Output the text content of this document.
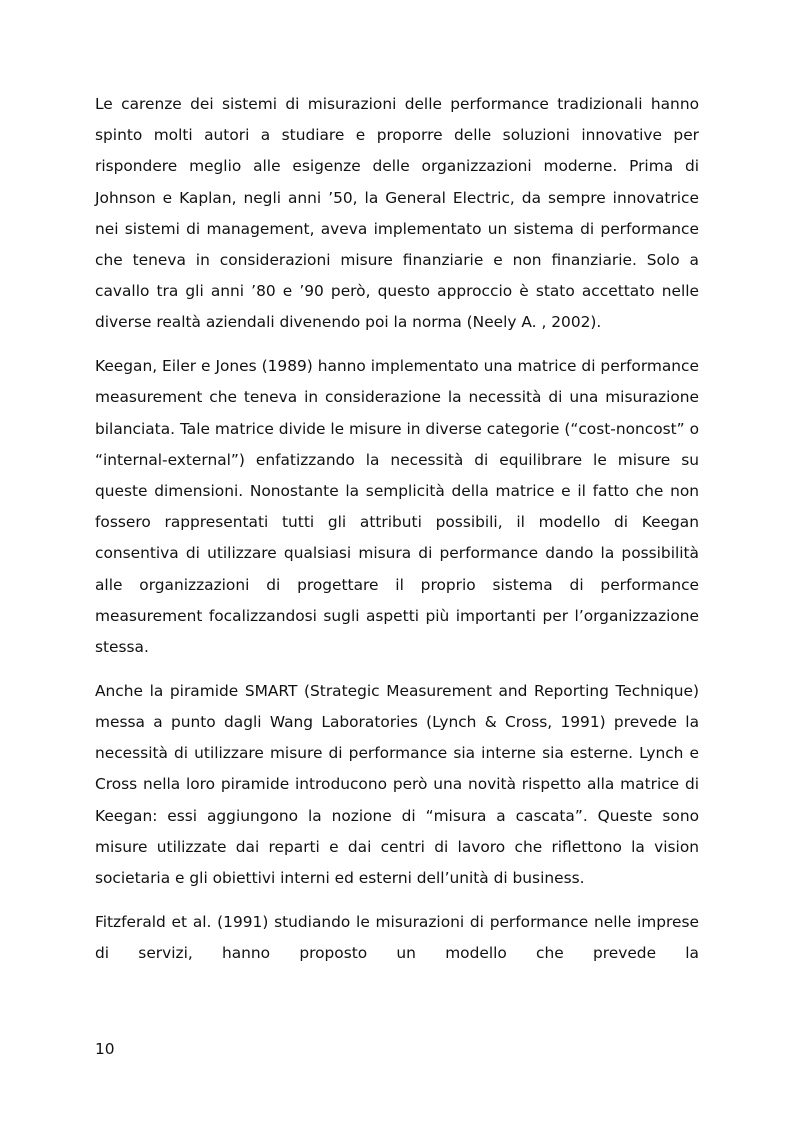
Le carenze dei sistemi di misurazioni delle performance tradizionali hanno spinto molti autori a studiare e proporre delle soluzioni innovative per rispondere meglio alle esigenze delle organizzazioni moderne. Prima di Johnson e Kaplan, negli anni ’50, la General Electric, da sempre innovatrice nei sistemi di management, aveva implementato un sistema di performance che teneva in considerazioni misure finanziarie e non finanziarie. Solo a cavallo tra gli anni ’80 e ’90 però, questo approccio è stato accettato nelle diverse realtà aziendali divenendo poi la norma (Neely A. , 2002).

Keegan, Eiler e Jones (1989) hanno implementato una matrice di performance measurement che teneva in considerazione la necessità di una misurazione bilanciata. Tale matrice divide le misure in diverse categorie (“cost-noncost” o “internal-external”) enfatizzando la necessità di equilibrare le misure su queste dimensioni. Nonostante la semplicità della matrice e il fatto che non fossero rappresentati tutti gli attributi possibili, il modello di Keegan consentiva di utilizzare qualsiasi misura di performance dando la possibilità alle organizzazioni di progettare il proprio sistema di performance measurement focalizzandosi sugli aspetti più importanti per l’organizzazione stessa.

Anche la piramide SMART (Strategic Measurement and Reporting Technique) messa a punto dagli Wang Laboratories (Lynch & Cross, 1991) prevede la necessità di utilizzare misure di performance sia interne sia esterne. Lynch e Cross nella loro piramide introducono però una novità rispetto alla matrice di Keegan: essi aggiungono la nozione di “misura a cascata”. Queste sono misure utilizzate dai reparti e dai centri di lavoro che riflettono la vision societaria e gli obiettivi interni ed esterni dell’unità di business.

Fitzferald et al. (1991) studiando le misurazioni di performance nelle imprese di servizi, hanno proposto un modello che prevede la

10
